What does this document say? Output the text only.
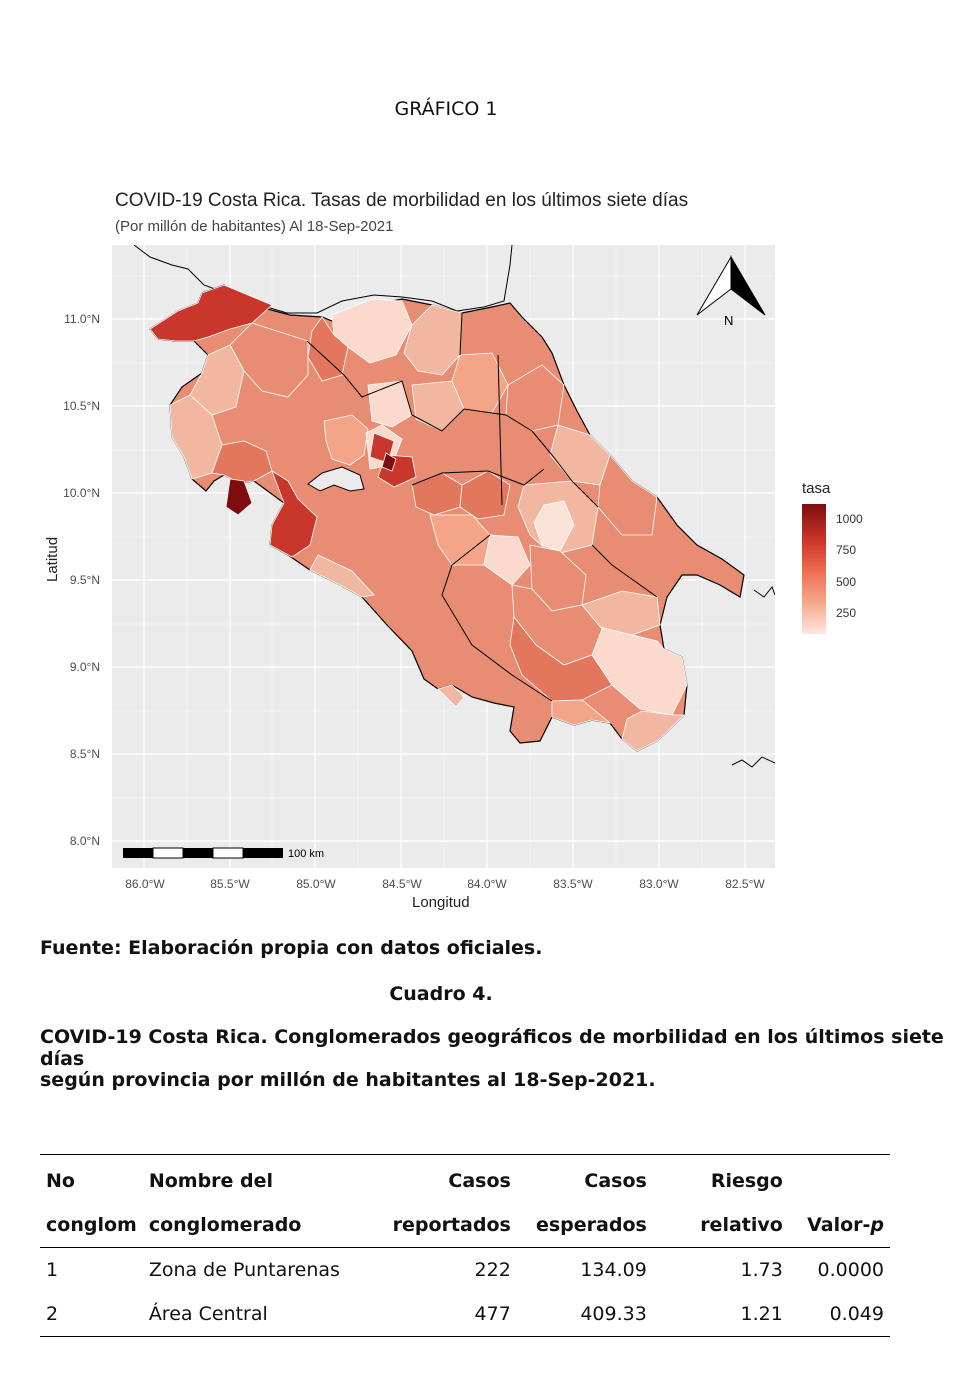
GRÁFICO 1
COVID-19 Costa Rica. Tasas de morbilidad en los últimos siete días
(Por millón de habitantes) Al 18-Sep-2021
11.0°N
10.5°N
10.0°N
9.5°N
9.0°N
8.5°N
8.0°N
Latitud
N
100 km
86.0°W	85.5°W	85.0°W	84.5°W	84.0°W	83.5°W	83.0°W	82.5°W
Longitud
tasa
1000
750
500
250
Fuente: Elaboración propia con datos oficiales.
Cuadro 4.
COVID-19 Costa Rica. Conglomerados geográficos de morbilidad en los últimos siete días
según provincia por millón de habitantes al 18-Sep-2021.
No	Nombre del	Casos	Casos	Riesgo	
conglom	conglomerado	reportados	esperados	relativo	Valor-p
1	Zona de Puntarenas	222	134.09	1.73	0.0000
2	Área Central	477	409.33	1.21	0.049
